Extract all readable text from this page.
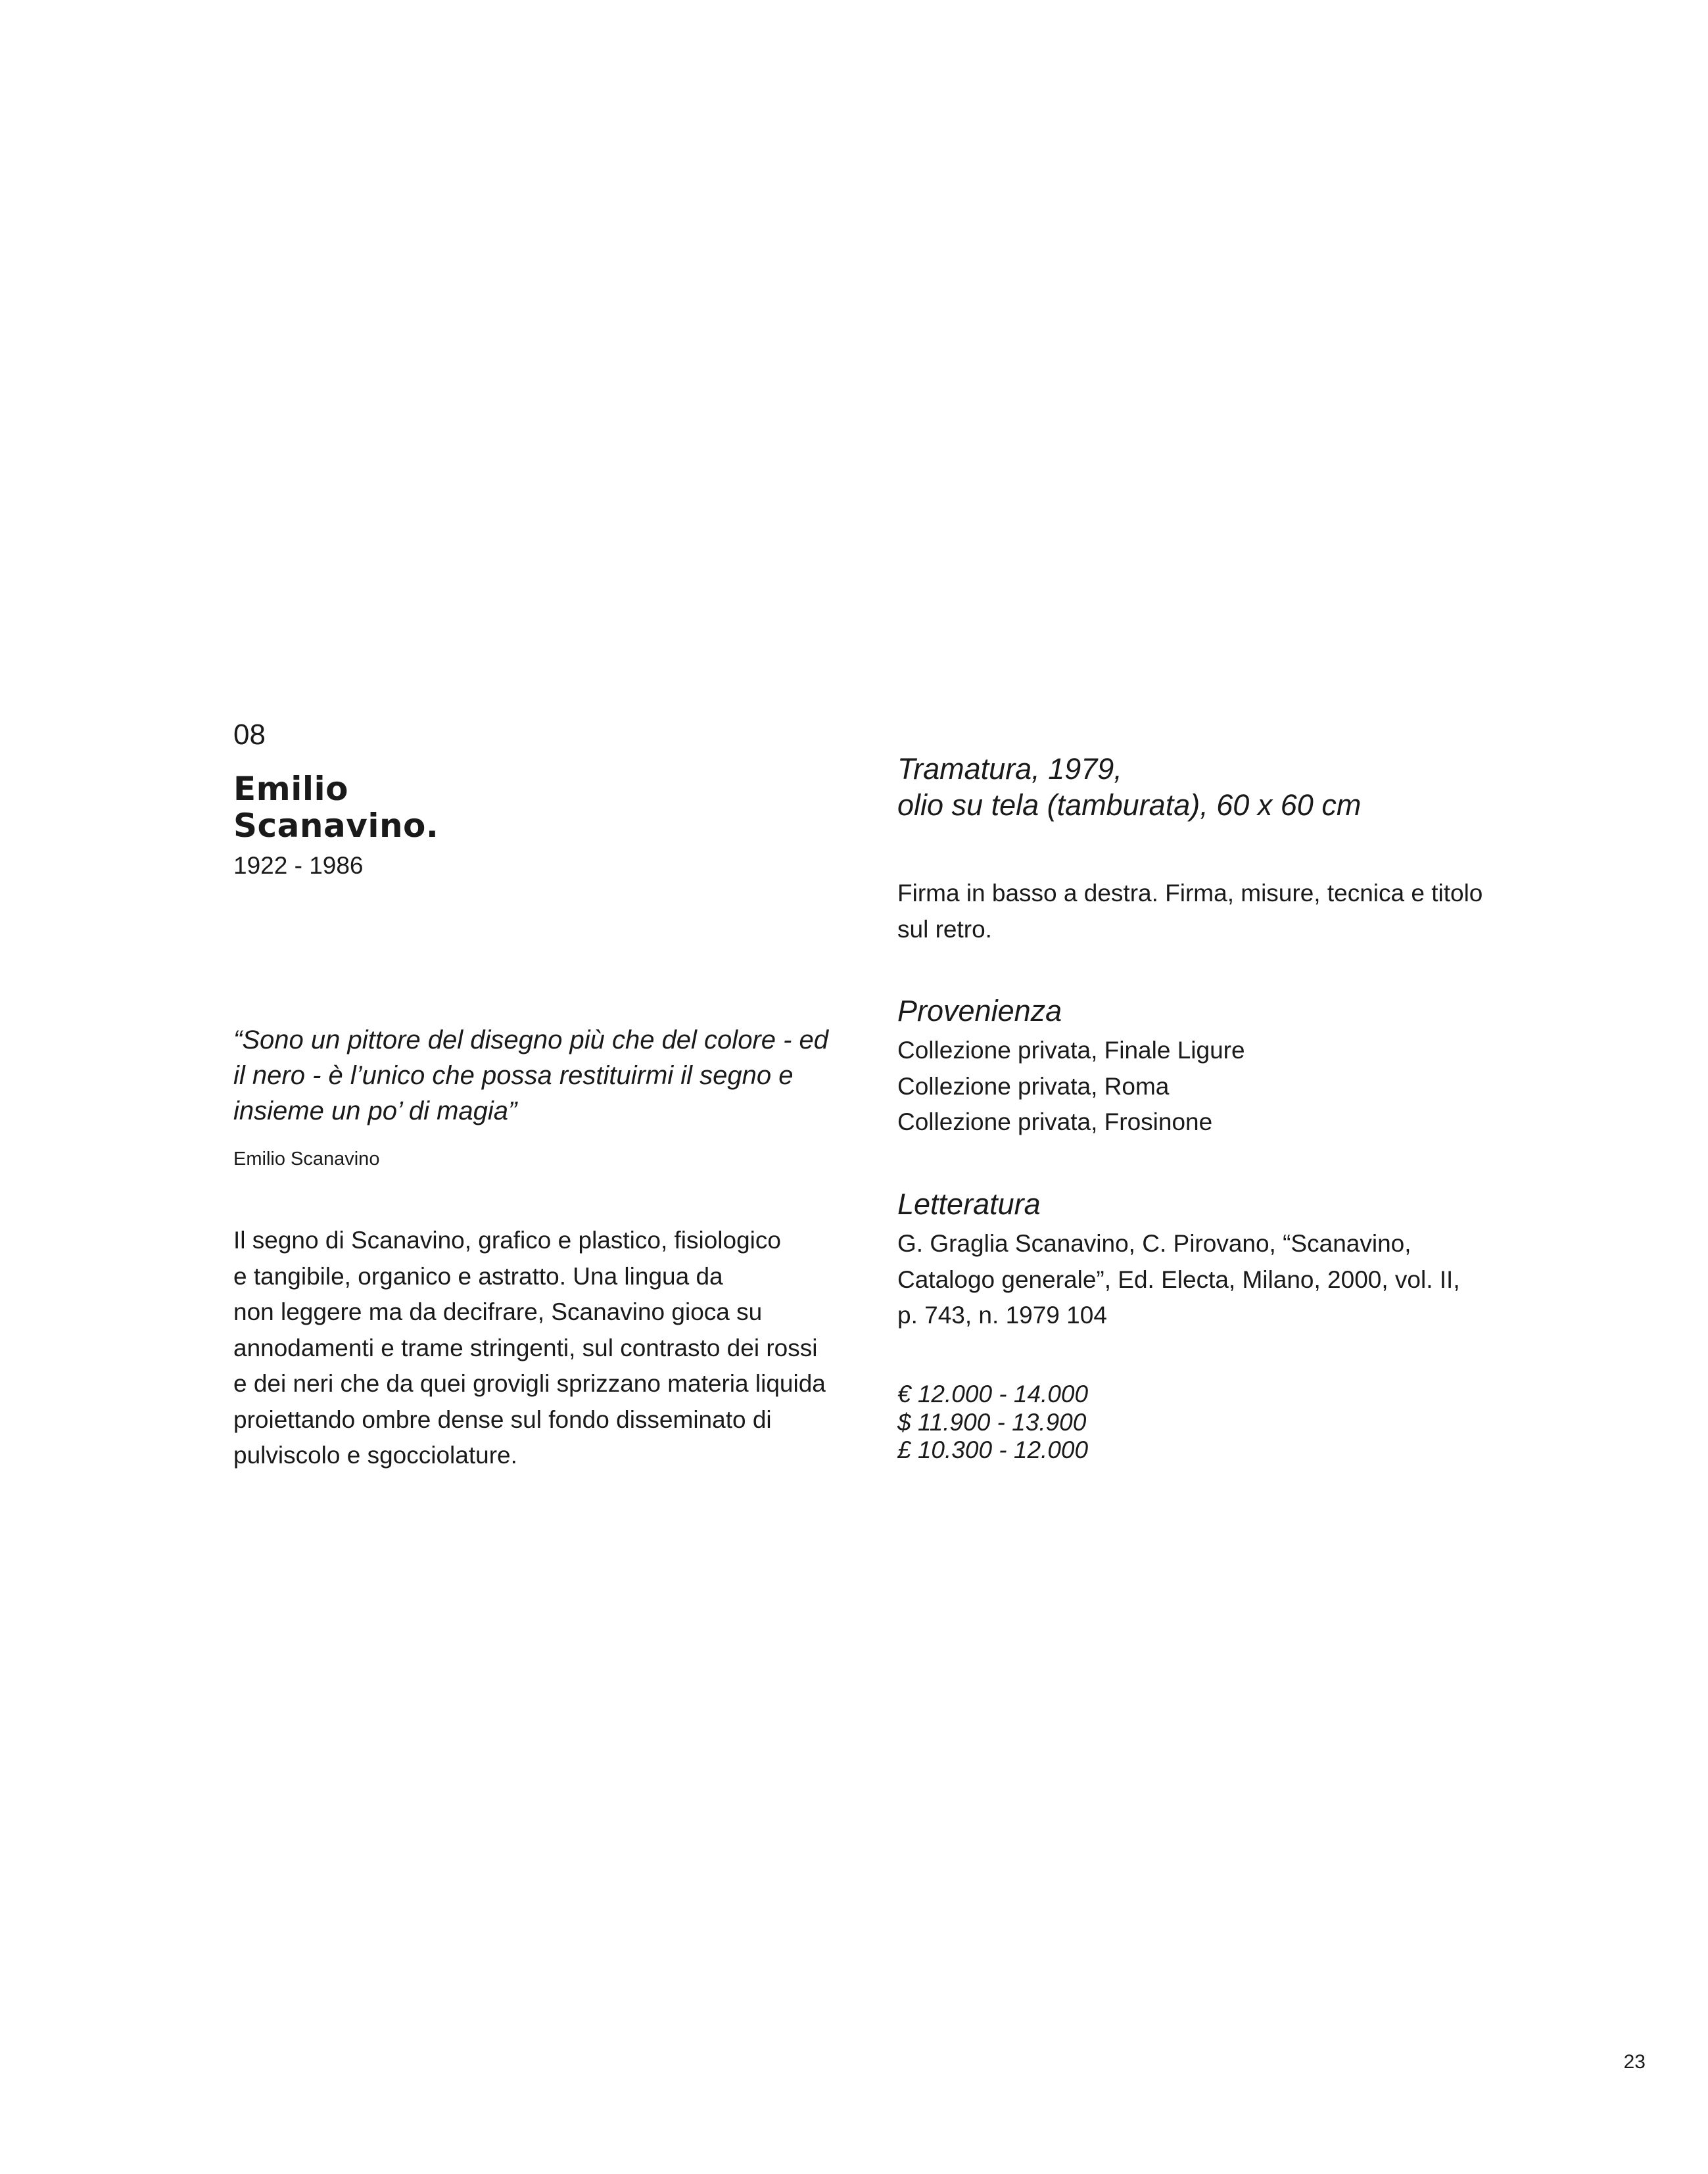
08
Emilio
Scanavino.
1922 - 1986
“Sono un pittore del disegno più che del colore - ed
il nero - è l’unico che possa restituirmi il segno e
insieme un po’ di magia”
Emilio Scanavino
Il segno di Scanavino, grafico e plastico, fisiologico
e tangibile, organico e astratto. Una lingua da
non leggere ma da decifrare, Scanavino gioca su
annodamenti e trame stringenti, sul contrasto dei rossi
e dei neri che da quei grovigli sprizzano materia liquida
proiettando ombre dense sul fondo disseminato di
pulviscolo e sgocciolature.
Tramatura, 1979,
olio su tela (tamburata), 60 x 60 cm
Firma in basso a destra. Firma, misure, tecnica e titolo
sul retro.
Provenienza
Collezione privata, Finale Ligure
Collezione privata, Roma
Collezione privata, Frosinone
Letteratura
G. Graglia Scanavino, C. Pirovano, “Scanavino,
Catalogo generale”, Ed. Electa, Milano, 2000, vol. II,
p. 743, n. 1979 104
€ 12.000 - 14.000
$ 11.900 - 13.900
£ 10.300 - 12.000
23
